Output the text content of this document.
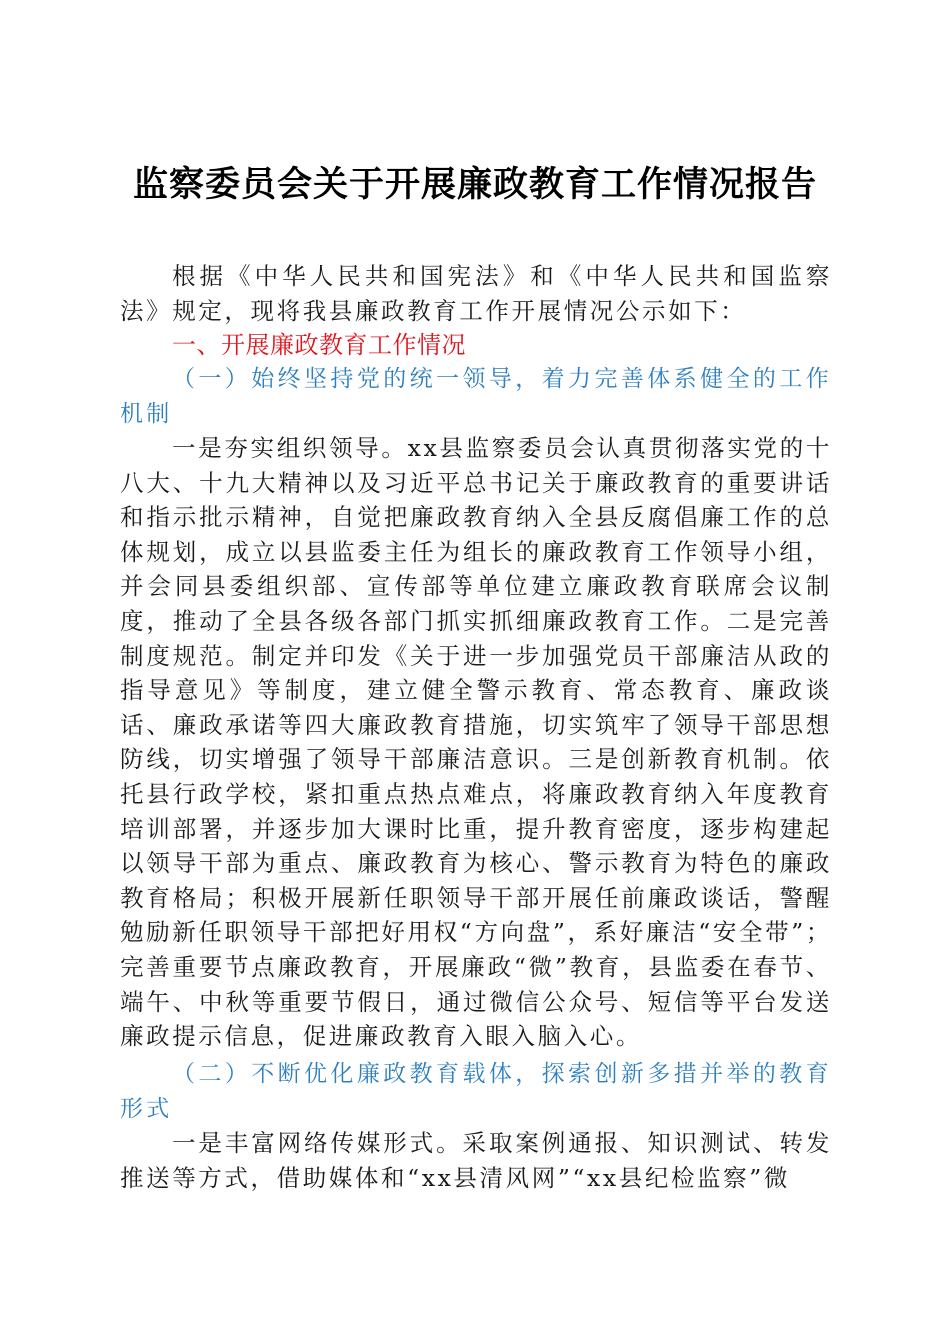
监察委员会关于开展廉政教育工作情况报告
根据《中华人民共和国宪法》和《中华人民共和国监察法》规定，现将我县廉政教育工作开展情况公示如下：
一、开展廉政教育工作情况
（一）始终坚持党的统一领导，着力完善体系健全的工作机制
一是夯实组织领导。xx县监察委员会认真贯彻落实党的十八大、十九大精神以及习近平总书记关于廉政教育的重要讲话和指示批示精神，自觉把廉政教育纳入全县反腐倡廉工作的总体规划，成立以县监委主任为组长的廉政教育工作领导小组，并会同县委组织部、宣传部等单位建立廉政教育联席会议制度，推动了全县各级各部门抓实抓细廉政教育工作。二是完善制度规范。制定并印发《关于进一步加强党员干部廉洁从政的指导意见》等制度，建立健全警示教育、常态教育、廉政谈话、廉政承诺等四大廉政教育措施，切实筑牢了领导干部思想防线，切实增强了领导干部廉洁意识。三是创新教育机制。依托县行政学校，紧扣重点热点难点，将廉政教育纳入年度教育培训部署，并逐步加大课时比重，提升教育密度，逐步构建起以领导干部为重点、廉政教育为核心、警示教育为特色的廉政教育格局；积极开展新任职领导干部开展任前廉政谈话，警醒勉励新任职领导干部把好用权“方向盘”，系好廉洁“安全带”；完善重要节点廉政教育，开展廉政“微”教育，县监委在春节、端午、中秋等重要节假日，通过微信公众号、短信等平台发送廉政提示信息，促进廉政教育入眼入脑入心。
（二）不断优化廉政教育载体，探索创新多措并举的教育形式
一是丰富网络传媒形式。采取案例通报、知识测试、转发推送等方式，借助媒体和“xx县清风网”“xx县纪检监察”微
